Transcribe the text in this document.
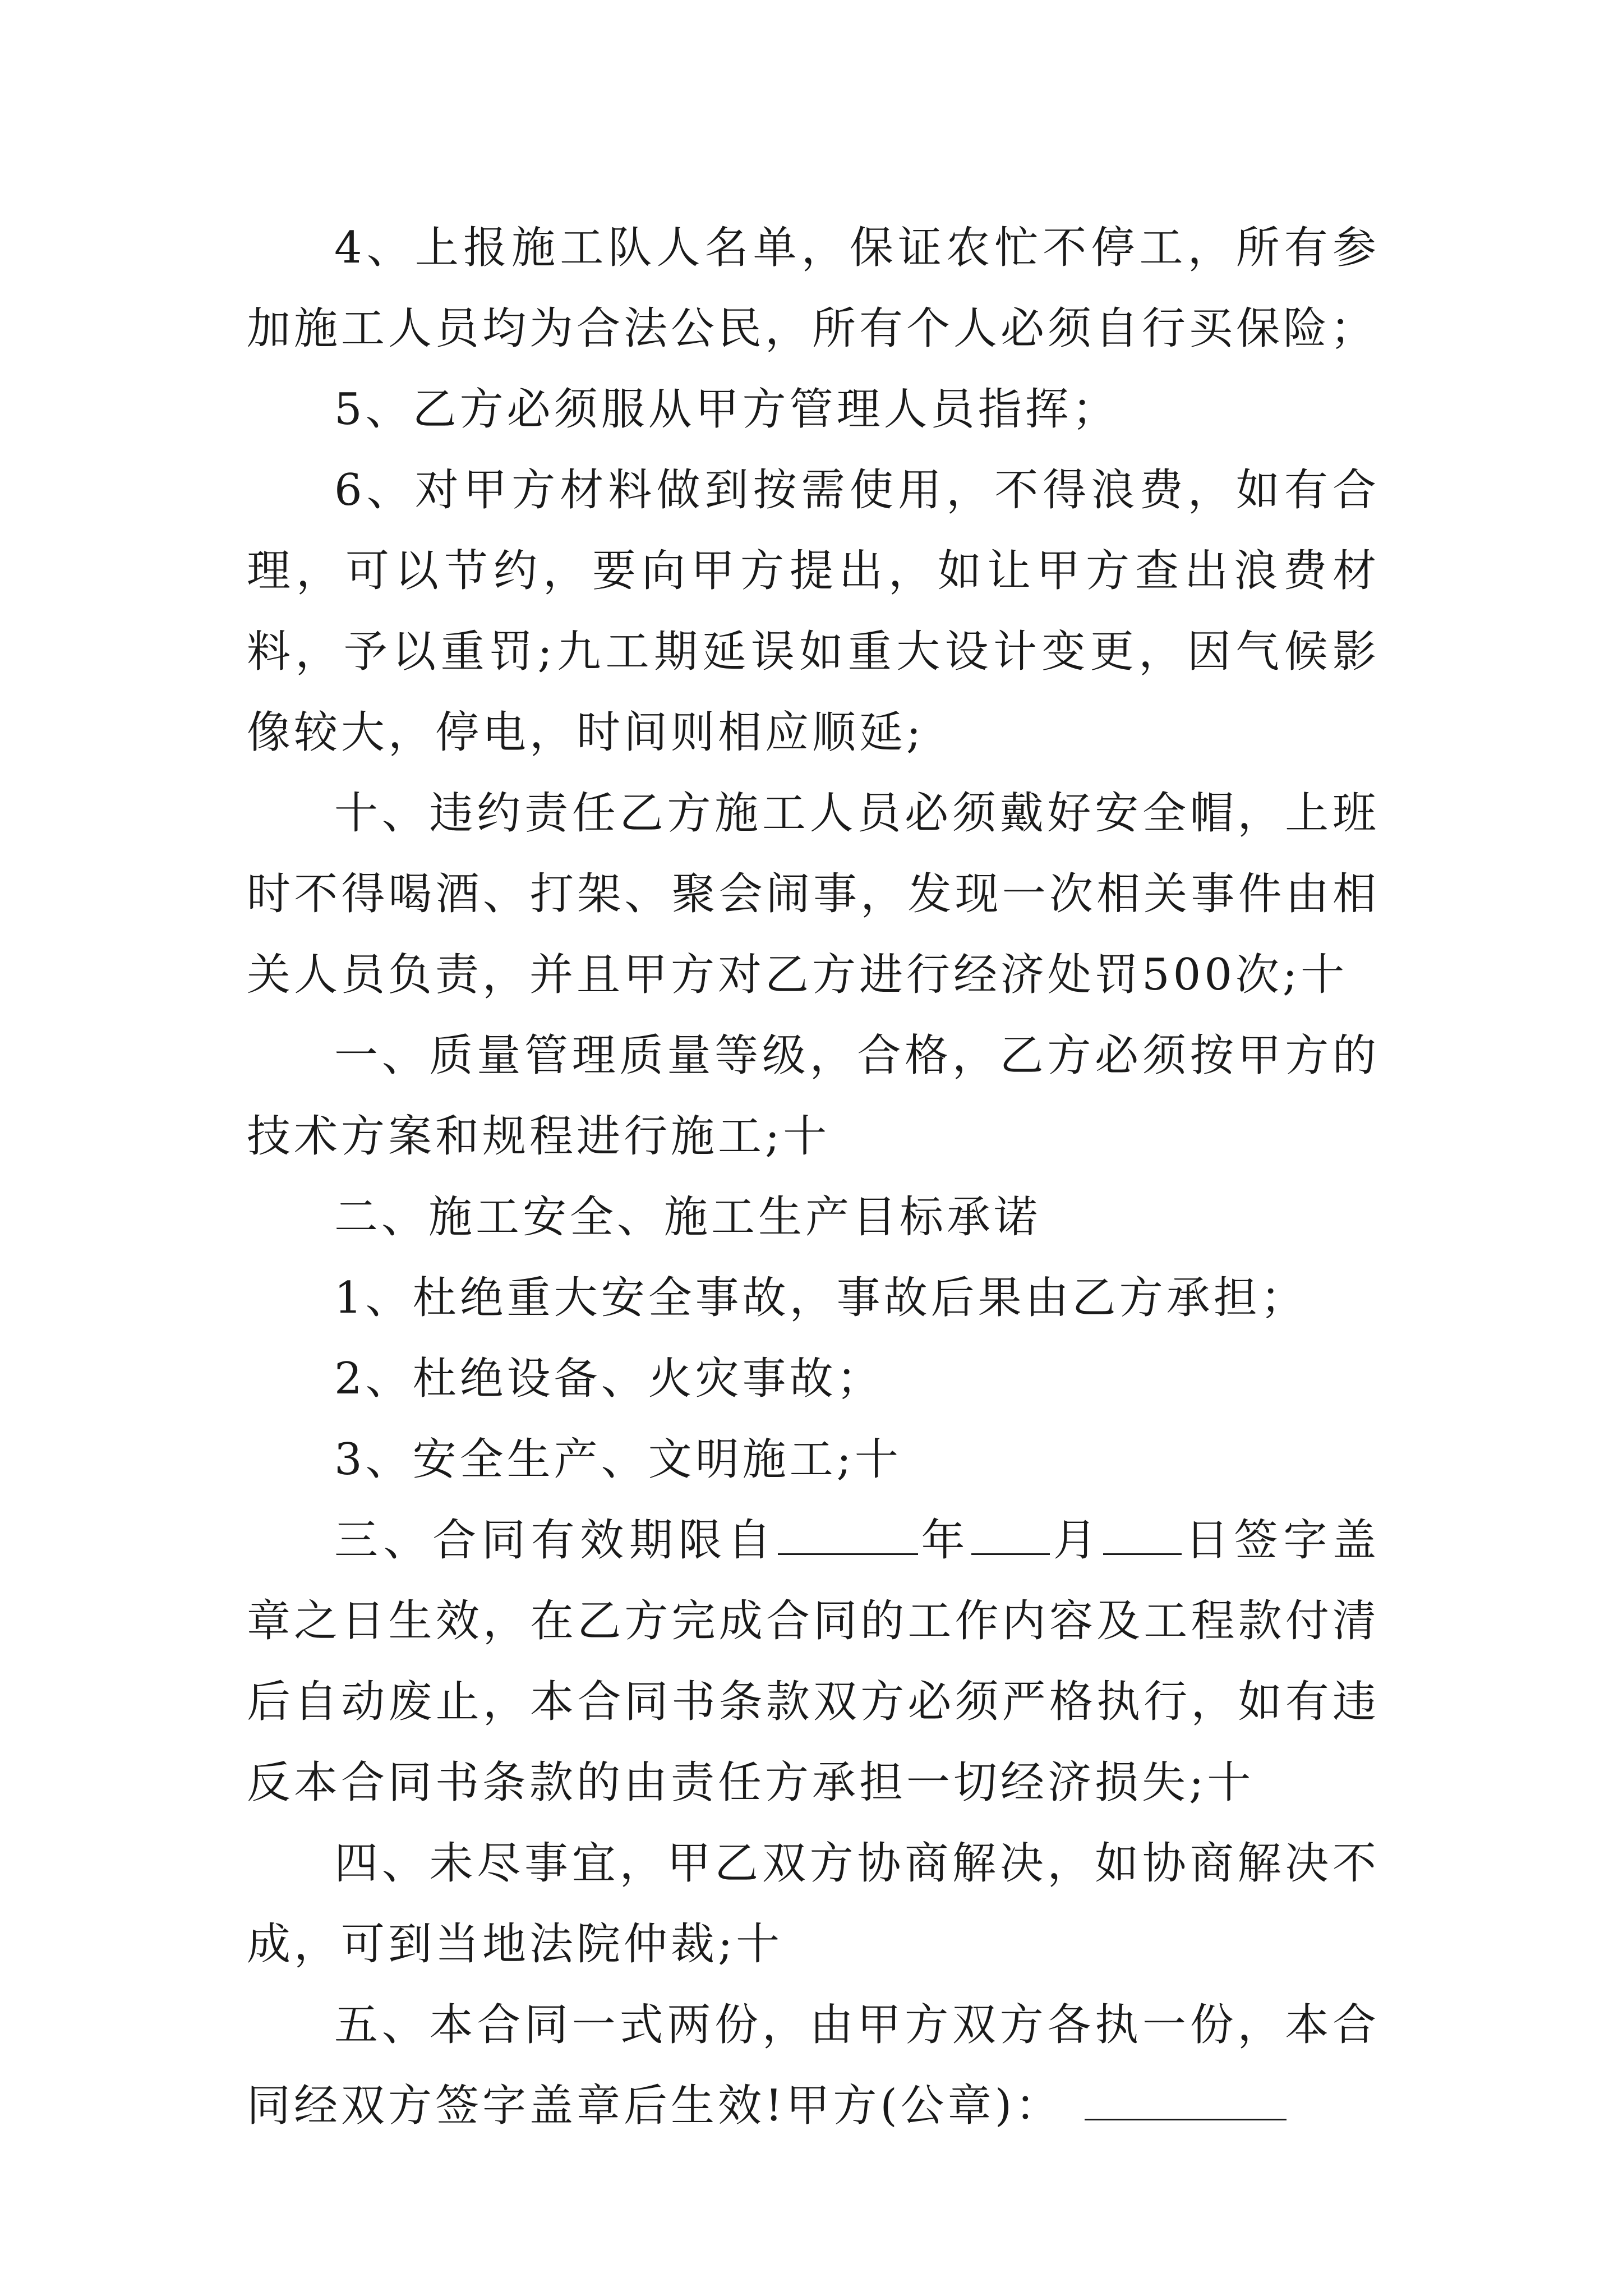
4、上报施工队人名单，保证农忙不停工，所有参加施工人员均为合法公民，所有个人必须自行买保险；

5、乙方必须服从甲方管理人员指挥；

6、对甲方材料做到按需使用，不得浪费，如有合理，可以节约，要向甲方提出，如让甲方查出浪费材料，予以重罚;九工期延误如重大设计变更，因气候影像较大，停电，时间则相应顺延;

十、违约责任乙方施工人员必须戴好安全帽，上班时不得喝酒、打架、聚会闹事，发现一次相关事件由相关人员负责，并且甲方对乙方进行经济处罚500次;十

一、质量管理质量等级，合格，乙方必须按甲方的技术方案和规程进行施工;十

二、施工安全、施工生产目标承诺

1、杜绝重大安全事故，事故后果由乙方承担；

2、杜绝设备、火灾事故；

3、安全生产、文明施工;十

三、合同有效期限自	年 月 日签字盖章之日生效，在乙方完成合同的工作内容及工程款付清后自动废止，本合同书条款双方必须严格执行，如有违反本合同书条款的由责任方承担一切经济损失;十

四、未尽事宜，甲乙双方协商解决，如协商解决不成，可到当地法院仲裁;十

五、本合同一式两份，由甲方双方各执一份，本合同经双方签字盖章后生效!甲方(公章)：
